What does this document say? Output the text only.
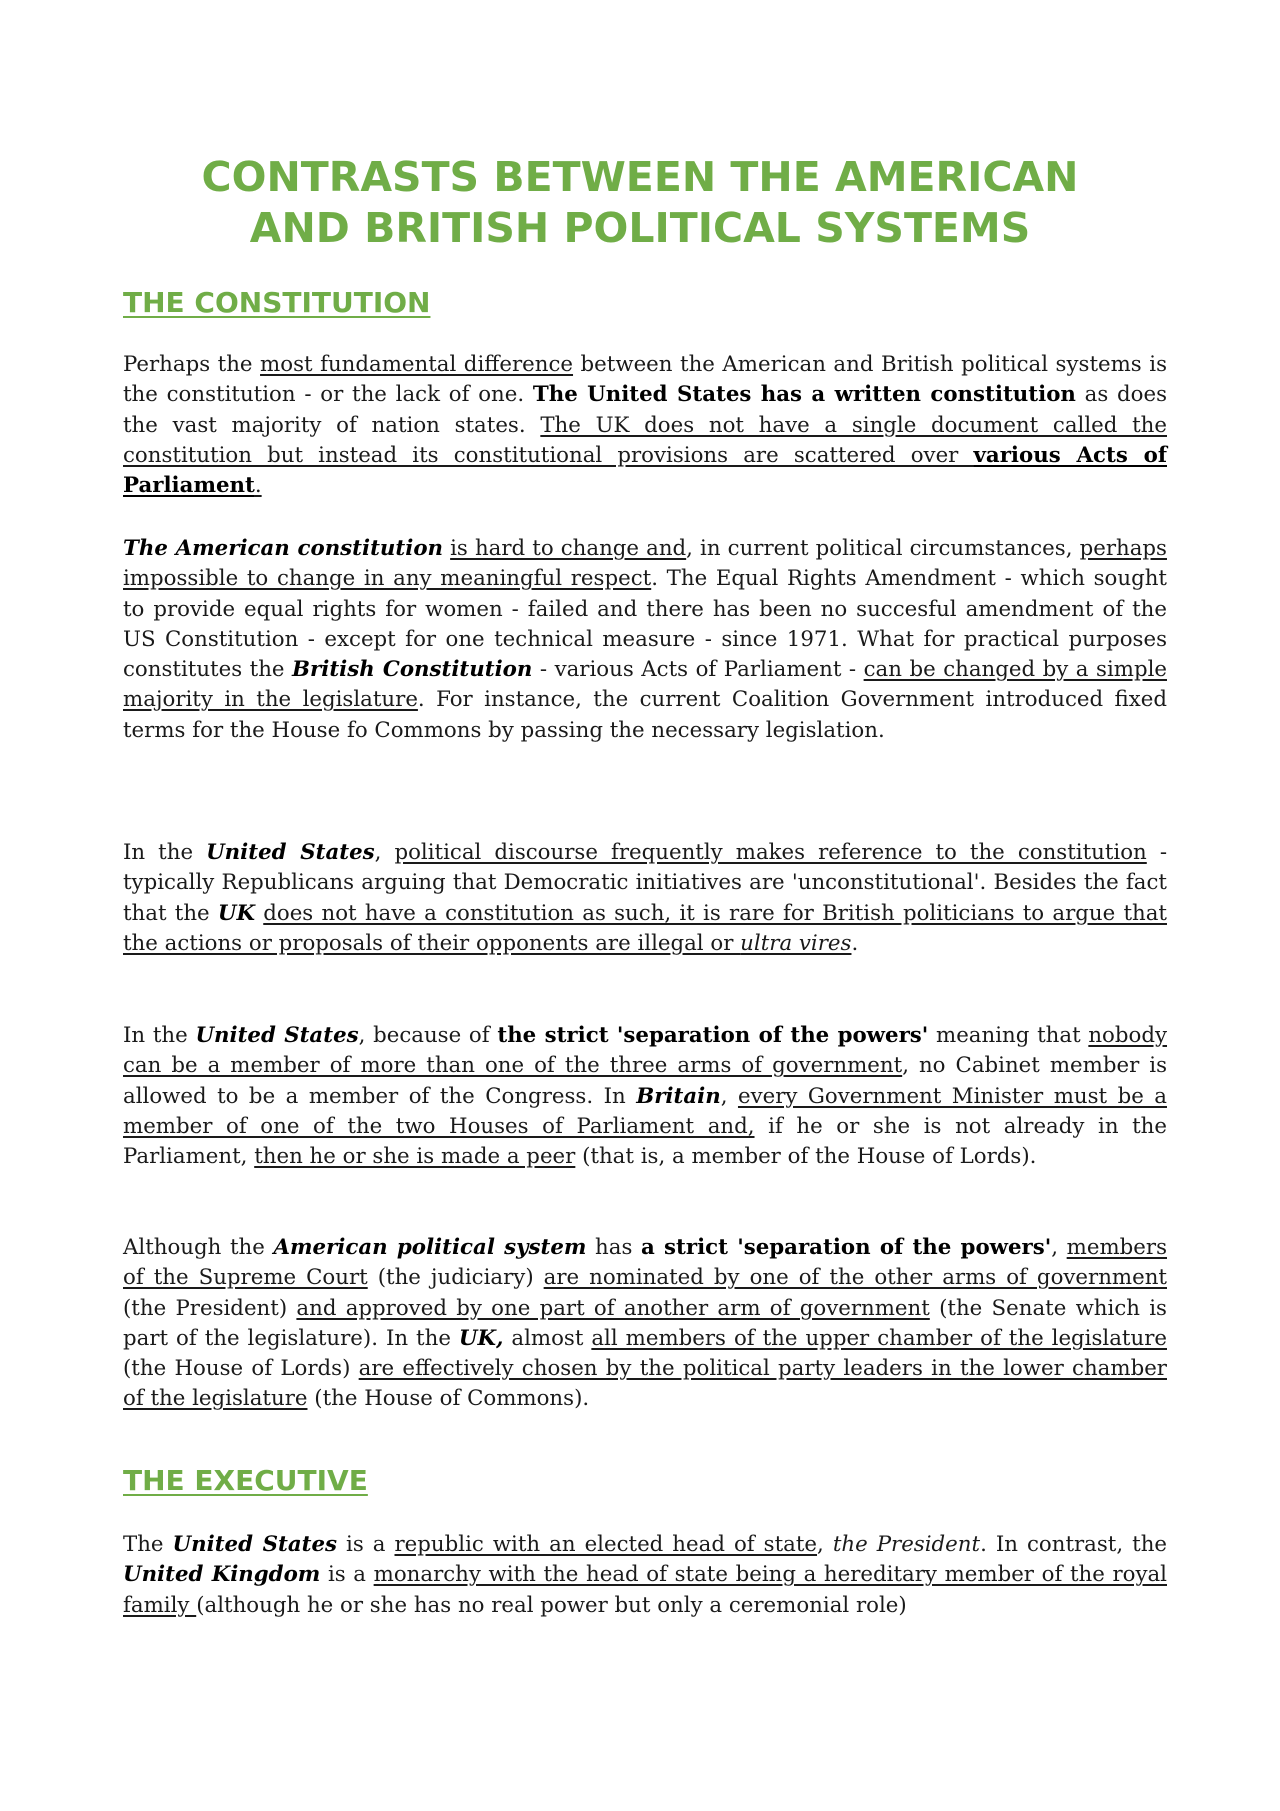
CONTRASTS BETWEEN THE AMERICAN
AND BRITISH POLITICAL SYSTEMS
THE CONSTITUTION

Perhaps the most fundamental difference between the American and British political systems is the constitution - or the lack of one. The United States has a written constitution as does the vast majority of nation states. The UK does not have a single document called the constitution but instead its constitutional provisions are scattered over various Acts of Parliament.

The American constitution is hard to change and, in current political circumstances, perhaps impossible to change in any meaningful respect. The Equal Rights Amendment - which sought to provide equal rights for women - failed and there has been no succesful amendment of the US Constitution - except for one technical measure - since 1971. What for practical purposes constitutes the British Constitution - various Acts of Parliament - can be changed by a simple majority in the legislature. For instance, the current Coalition Government introduced fixed terms for the House fo Commons by passing the necessary legislation.

In the United States, political discourse frequently makes reference to the constitution - typically Republicans arguing that Democratic initiatives are 'unconstitutional'. Besides the fact that the UK does not have a constitution as such, it is rare for British politicians to argue that the actions or proposals of their opponents are illegal or ultra vires.

In the United States, because of the strict 'separation of the powers' meaning that nobody can be a member of more than one of the three arms of government, no Cabinet member is allowed to be a member of the Congress. In Britain, every Government Minister must be a member of one of the two Houses of Parliament and, if he or she is not already in the Parliament, then he or she is made a peer (that is, a member of the House of Lords).

Although the American political system has a strict 'separation of the powers', members of the Supreme Court (the judiciary) are nominated by one of the other arms of government (the President) and approved by one part of another arm of government (the Senate which is part of the legislature). In the UK, almost all members of the upper chamber of the legislature (the House of Lords) are effectively chosen by the political party leaders in the lower chamber of the legislature (the House of Commons).

THE EXECUTIVE

The United States is a republic with an elected head of state, the President. In contrast, the United Kingdom is a monarchy with the head of state being a hereditary member of the royal family (although he or she has no real power but only a ceremonial role)
